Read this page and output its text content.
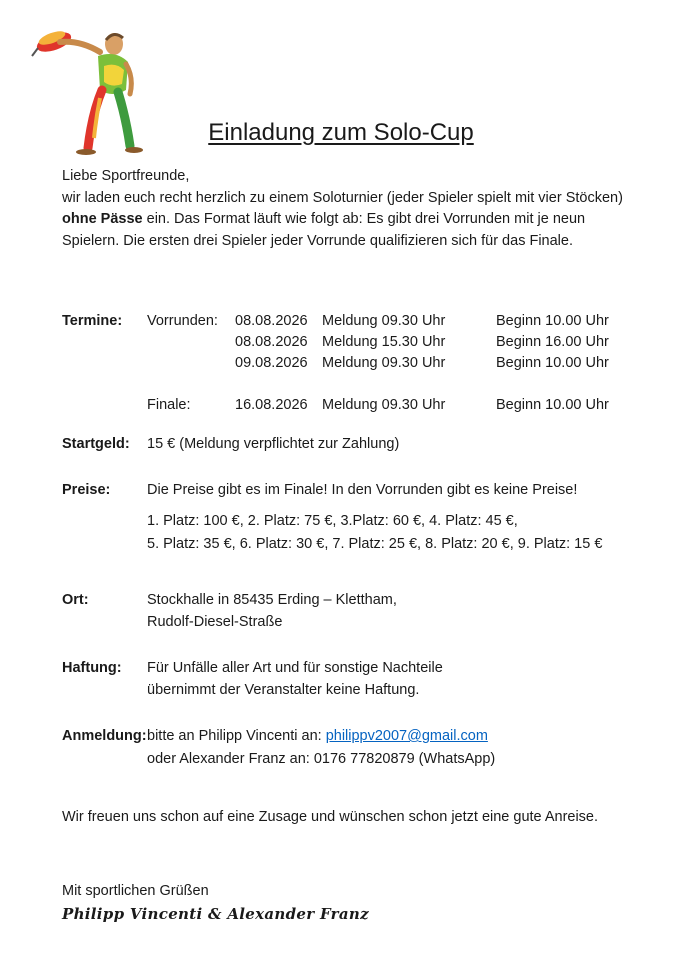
Einladung zum Solo-Cup

Liebe Sportfreunde,

wir laden euch recht herzlich zu einem Soloturnier (jeder Spieler spielt mit vier Stöcken) ohne Pässe ein. Das Format läuft wie folgt ab: Es gibt drei Vorrunden mit je neun Spielern. Die ersten drei Spieler jeder Vorrunde qualifizieren sich für das Finale.

Termine: Vorrunden: 08.08.2026 Meldung 09.30 Uhr	Beginn 10.00 Uhr
08.08.2026 Meldung 15.30 Uhr	Beginn 16.00 Uhr
09.08.2026 Meldung 09.30 Uhr	Beginn 10.00 Uhr
Finale:	16.08.2026 Meldung 09.30 Uhr	Beginn 10.00 Uhr
Startgeld: 15 € (Meldung verpflichtet zur Zahlung)
Preise:	Die Preise gibt es im Finale! In den Vorrunden gibt es keine Preise!
1. Platz: 100 €, 2. Platz: 75 €, 3.Platz: 60 €, 4. Platz: 45 €,
5. Platz: 35 €, 6. Platz: 30 €, 7. Platz: 25 €, 8. Platz: 20 €, 9. Platz: 15 €
Ort:	Stockhalle in 85435 Erding – Klettham,
Rudolf-Diesel-Straße
Haftung: Für Unfälle aller Art und für sonstige Nachteile
übernimmt der Veranstalter keine Haftung.
Anmeldung: bitte an Philipp Vincenti an: philippv2007@gmail.com
oder Alexander Franz an: 0176 77820879 (WhatsApp)
Wir freuen uns schon auf eine Zusage und wünschen schon jetzt eine gute Anreise.
Mit sportlichen Grüßen
Philipp Vincenti & Alexander Franz
